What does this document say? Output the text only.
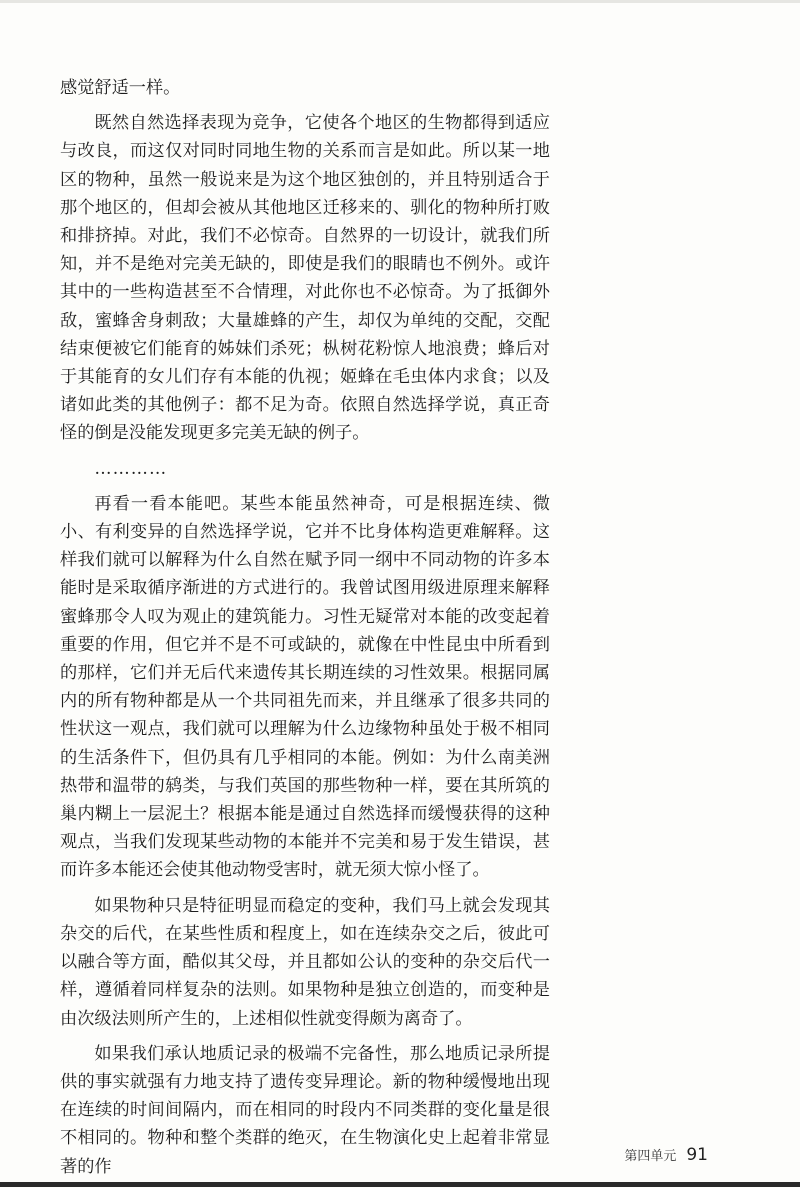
感觉舒适一样。

既然自然选择表现为竞争，它使各个地区的生物都得到适应与改良，而这仅对同时同地生物的关系而言是如此。所以某一地区的物种，虽然一般说来是为这个地区独创的，并且特别适合于那个地区的，但却会被从其他地区迁移来的、驯化的物种所打败和排挤掉。对此，我们不必惊奇。自然界的一切设计，就我们所知，并不是绝对完美无缺的，即使是我们的眼睛也不例外。或许其中的一些构造甚至不合情理，对此你也不必惊奇。为了抵御外敌，蜜蜂舍身刺敌；大量雄蜂的产生，却仅为单纯的交配，交配结束便被它们能育的姊妹们杀死；枞树花粉惊人地浪费；蜂后对于其能育的女儿们存有本能的仇视；姬蜂在毛虫体内求食；以及诸如此类的其他例子：都不足为奇。依照自然选择学说，真正奇怪的倒是没能发现更多完美无缺的例子。

…………

再看一看本能吧。某些本能虽然神奇，可是根据连续、微小、有利变异的自然选择学说，它并不比身体构造更难解释。这样我们就可以解释为什么自然在赋予同一纲中不同动物的许多本能时是采取循序渐进的方式进行的。我曾试图用级进原理来解释蜜蜂那令人叹为观止的建筑能力。习性无疑常对本能的改变起着重要的作用，但它并不是不可或缺的，就像在中性昆虫中所看到的那样，它们并无后代来遗传其长期连续的习性效果。根据同属内的所有物种都是从一个共同祖先而来，并且继承了很多共同的性状这一观点，我们就可以理解为什么边缘物种虽处于极不相同的生活条件下，但仍具有几乎相同的本能。例如：为什么南美洲热带和温带的鸫类，与我们英国的那些物种一样，要在其所筑的巢内糊上一层泥土？根据本能是通过自然选择而缓慢获得的这种观点，当我们发现某些动物的本能并不完美和易于发生错误，甚而许多本能还会使其他动物受害时，就无须大惊小怪了。

如果物种只是特征明显而稳定的变种，我们马上就会发现其杂交的后代，在某些性质和程度上，如在连续杂交之后，彼此可以融合等方面，酷似其父母，并且都如公认的变种的杂交后代一样，遵循着同样复杂的法则。如果物种是独立创造的，而变种是由次级法则所产生的，上述相似性就变得颇为离奇了。

如果我们承认地质记录的极端不完备性，那么地质记录所提供的事实就强有力地支持了遗传变异理论。新的物种缓慢地出现在连续的时间间隔内，而在相同的时段内不同类群的变化量是很不相同的。物种和整个类群的绝灭，在生物演化史上起着非常显著的作

第四单元 91
